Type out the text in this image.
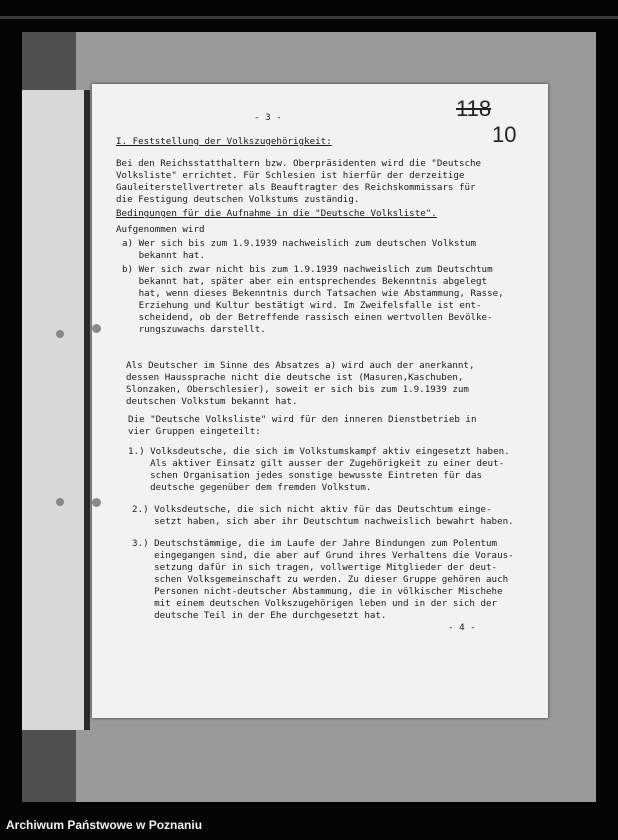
- 3 -	118
10
I. Feststellung der Volkszugehörigkeit:
Bei den Reichsstatthaltern bzw. Oberpräsidenten wird die "Deutsche
Volksliste" errichtet. Für Schlesien ist hierfür der derzeitige
Gauleiterstellvertreter als Beauftragter des Reichskommissars für
die Festigung deutschen Volkstums zuständig.
Bedingungen für die Aufnahme in die "Deutsche Volksliste".
Aufgenommen wird
a) Wer sich bis zum 1.9.1939 nachweislich zum deutschen Volkstum
bekannt hat.
b) Wer sich zwar nicht bis zum 1.9.1939 nachweislich zum Deutschtum
bekannt hat, später aber ein entsprechendes Bekenntnis abgelegt
hat, wenn dieses Bekenntnis durch Tatsachen wie Abstammung, Rasse,
Erziehung und Kultur bestätigt wird. Im Zweifelsfalle ist ent-
scheidend, ob der Betreffende rassisch einen wertvollen Bevölke-
rungszuwachs darstellt.
Als Deutscher im Sinne des Absatzes a) wird auch der anerkannt,
dessen Haussprache nicht die deutsche ist (Masuren,Kaschuben,
Slonzaken, Oberschlesier), soweit er sich bis zum 1.9.1939 zum
deutschen Volkstum bekannt hat.
Die "Deutsche Volksliste" wird für den inneren Dienstbetrieb in
vier Gruppen eingeteilt:
1.) Volksdeutsche, die sich im Volkstumskampf aktiv eingesetzt haben.
Als aktiver Einsatz gilt ausser der Zugehörigkeit zu einer deut-
schen Organisation jedes sonstige bewusste Eintreten für das
deutsche gegenüber dem fremden Volkstum.
2.) Volksdeutsche, die sich nicht aktiv für das Deutschtum einge-
setzt haben, sich aber ihr Deutschtum nachweislich bewahrt haben.
3.) Deutschstämmige, die im Laufe der Jahre Bindungen zum Polentum
eingegangen sind, die aber auf Grund ihres Verhaltens die Voraus-
setzung dafür in sich tragen, vollwertige Mitglieder der deut-
schen Volksgemeinschaft zu werden. Zu dieser Gruppe gehören auch
Personen nicht-deutscher Abstammung, die in völkischer Mischehe
mit einem deutschen Volkszugehörigen leben und in der sich der
deutsche Teil in der Ehe durchgesetzt hat.
- 4 -
Archiwum Państwowe w Poznaniu
